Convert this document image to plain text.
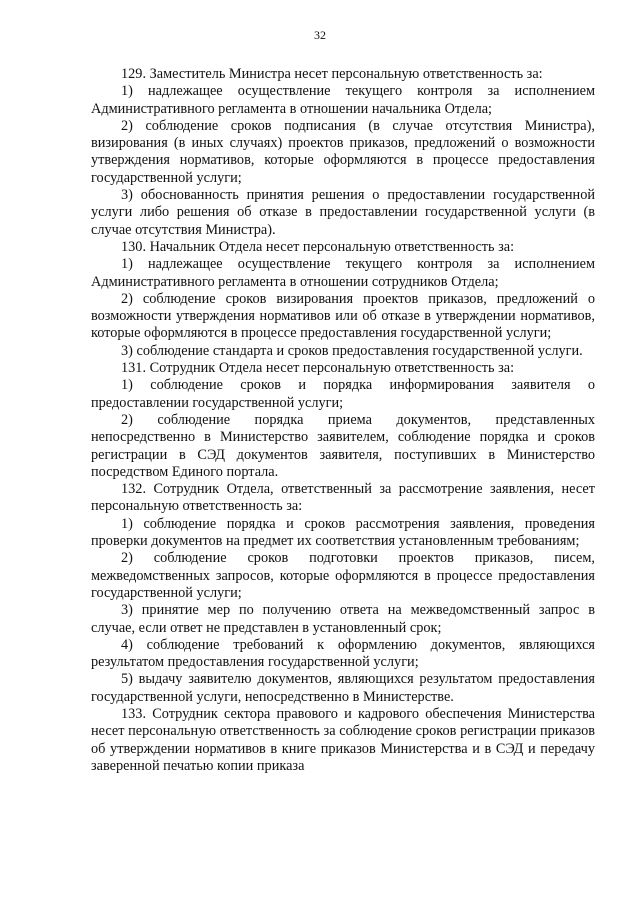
32

129. Заместитель Министра несет персональную ответственность за:

1) надлежащее осуществление текущего контроля за исполнением Административного регламента в отношении начальника Отдела;

2) соблюдение сроков подписания (в случае отсутствия Министра), визирования (в иных случаях) проектов приказов, предложений о возможности утверждения нормативов, которые оформляются в процессе предоставления государственной услуги;

3) обоснованность принятия решения о предоставлении государственной услуги либо решения об отказе в предоставлении государственной услуги (в случае отсутствия Министра).

130. Начальник Отдела несет персональную ответственность за:

1) надлежащее осуществление текущего контроля за исполнением Административного регламента в отношении сотрудников Отдела;

2) соблюдение сроков визирования проектов приказов, предложений о возможности утверждения нормативов или об отказе в утверждении нормативов, которые оформляются в процессе предоставления государственной услуги;

3) соблюдение стандарта и сроков предоставления государственной услуги.

131. Сотрудник Отдела несет персональную ответственность за:

1) соблюдение сроков и порядка информирования заявителя о предоставлении государственной услуги;

2) соблюдение порядка приема документов, представленных непосредственно в Министерство заявителем, соблюдение порядка и сроков регистрации в СЭД документов заявителя, поступивших в Министерство посредством Единого портала.

132. Сотрудник Отдела, ответственный за рассмотрение заявления, несет персональную ответственность за:

1) соблюдение порядка и сроков рассмотрения заявления, проведения проверки документов на предмет их соответствия установленным требованиям;

2) соблюдение сроков подготовки проектов приказов, писем, межведомственных запросов, которые оформляются в процессе предоставления государственной услуги;

3) принятие мер по получению ответа на межведомственный запрос в случае, если ответ не представлен в установленный срок;

4) соблюдение требований к оформлению документов, являющихся результатом предоставления государственной услуги;

5) выдачу заявителю документов, являющихся результатом предоставления государственной услуги, непосредственно в Министерстве.

133. Сотрудник сектора правового и кадрового обеспечения Министерства несет персональную ответственность за соблюдение сроков регистрации приказов об утверждении нормативов в книге приказов Министерства и в СЭД и передачу заверенной печатью копии приказа
